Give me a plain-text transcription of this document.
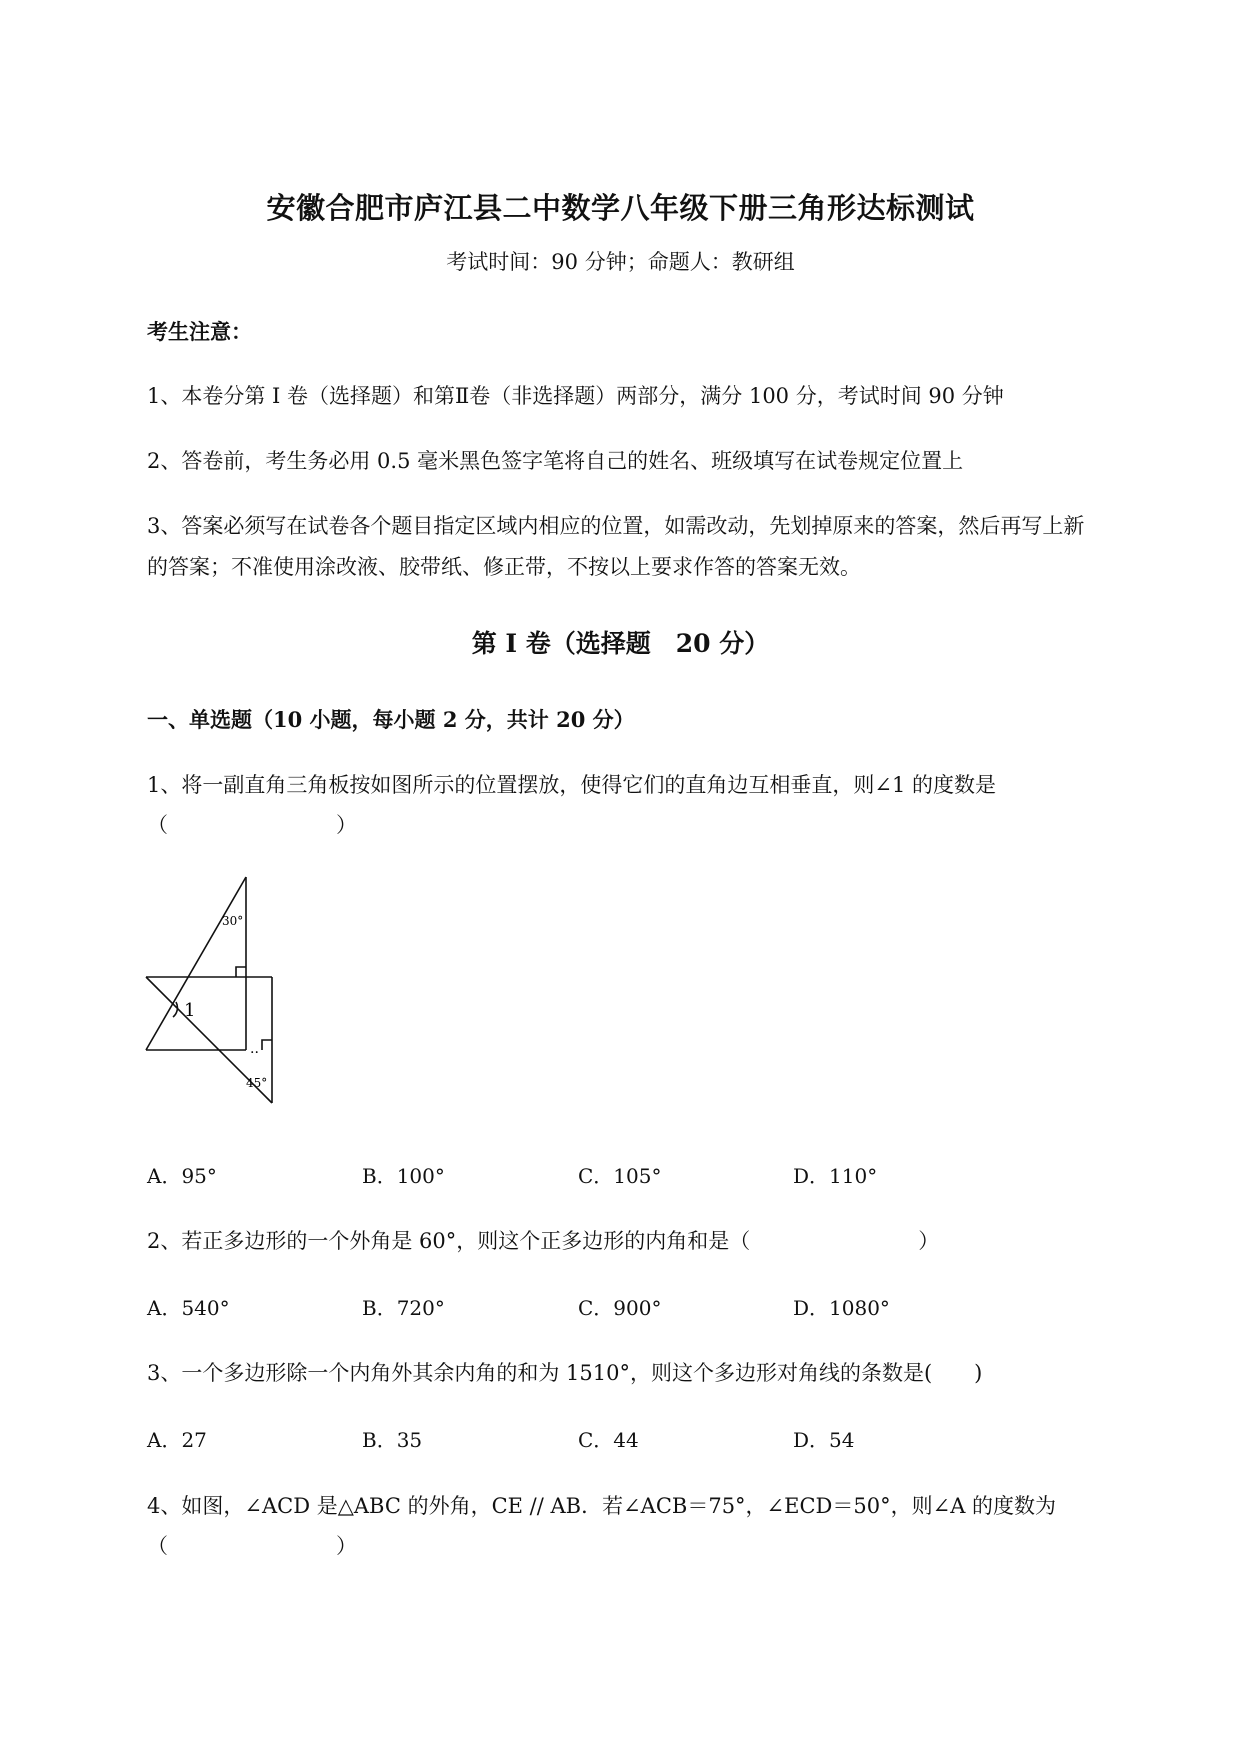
安徽合肥市庐江县二中数学八年级下册三角形达标测试
考试时间：90 分钟；命题人：教研组
考生注意：
1、本卷分第 I 卷（选择题）和第Ⅱ卷（非选择题）两部分，满分 100 分，考试时间 90 分钟
2、答卷前，考生务必用 0.5 毫米黑色签字笔将自己的姓名、班级填写在试卷规定位置上
3、答案必须写在试卷各个题目指定区域内相应的位置，如需改动，先划掉原来的答案，然后再写上新
的答案；不准使用涂改液、胶带纸、修正带，不按以上要求作答的答案无效。
第 I 卷（选择题　20 分）
一、单选题（10 小题，每小题 2 分，共计 20 分）
1、将一副直角三角板按如图所示的位置摆放，使得它们的直角边互相垂直，则∠1 的度数是
（　　　　　　　　）
30°
1
45°
..
A．95°	B．100°	C．105°	D．110°
2、若正多边形的一个外角是 60°，则这个正多边形的内角和是（　　　　　　　　）
A．540°	B．720°	C．900°	D．1080°
3、一个多边形除一个内角外其余内角的和为 1510°，则这个多边形对角线的条数是(　　)
A．27	B．35	C．44	D．54
4、如图，∠ACD 是△ABC 的外角，CE // AB．若∠ACB＝75°，∠ECD＝50°，则∠A 的度数为
（　　　　　　　　）
